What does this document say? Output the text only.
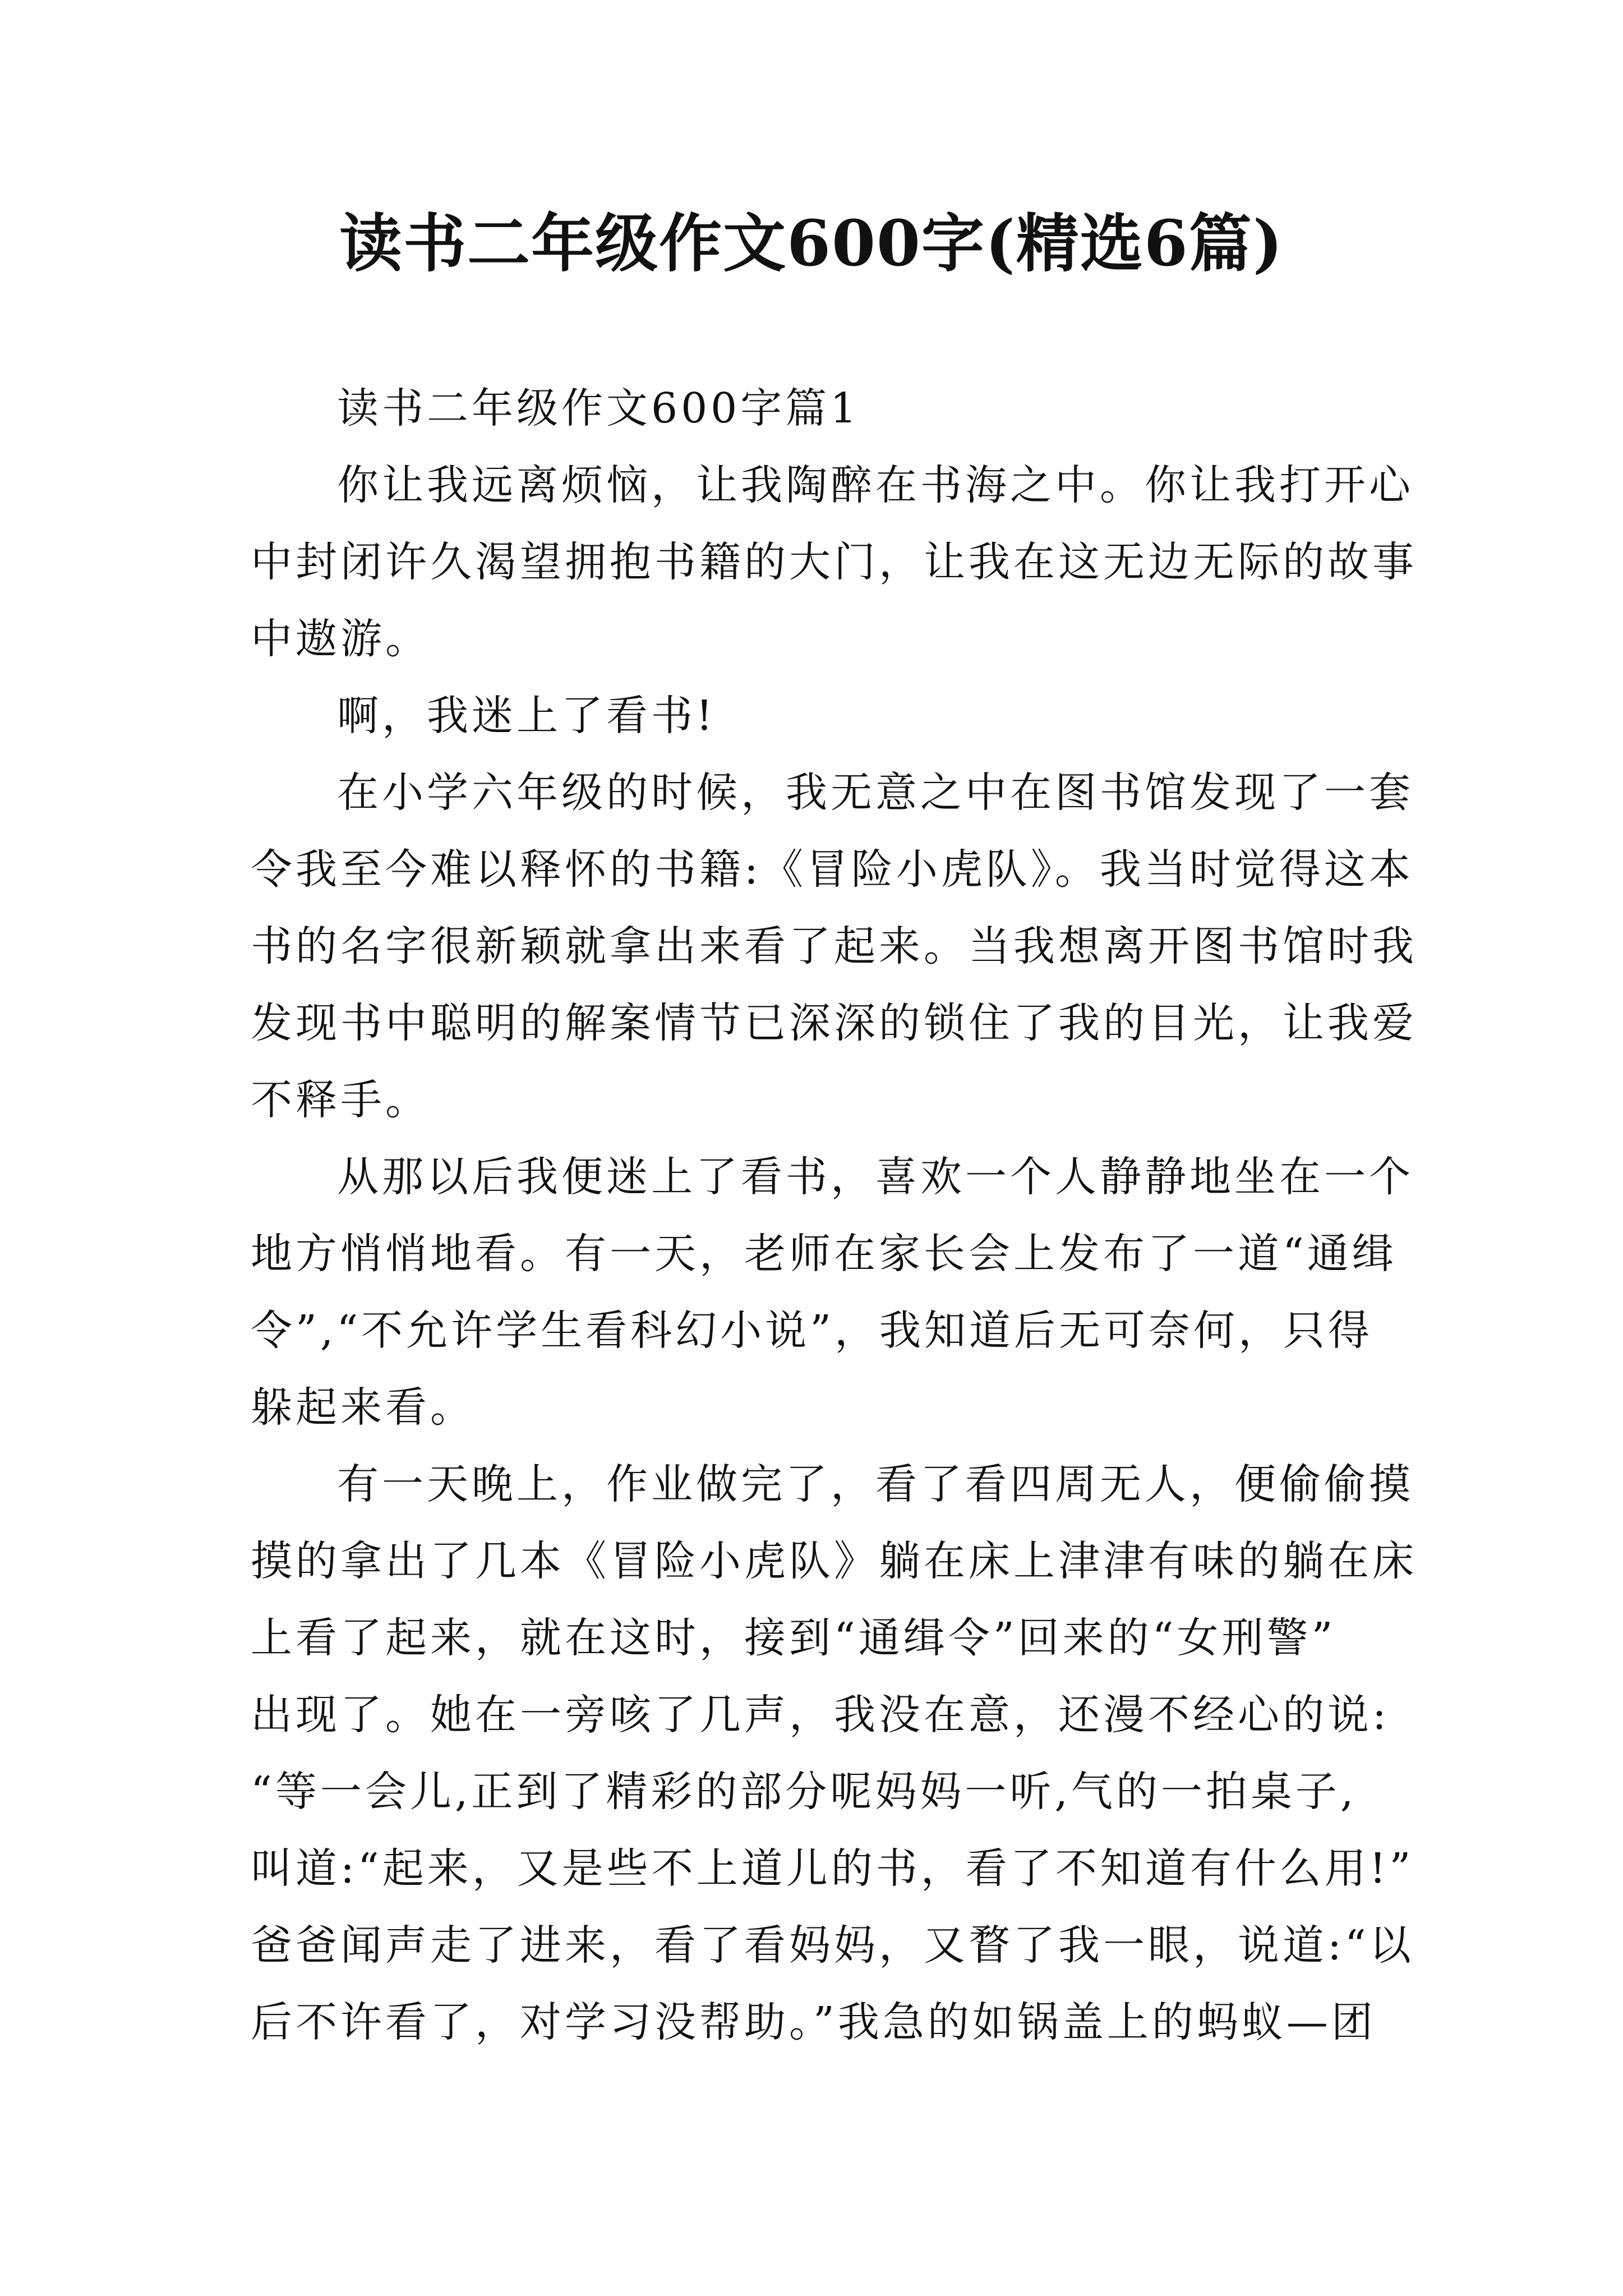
读书二年级作文600字(精选6篇)
读书二年级作文600字篇1
你让我远离烦恼，让我陶醉在书海之中。你让我打开心
中封闭许久渴望拥抱书籍的大门，让我在这无边无际的故事
中遨游。
啊，我迷上了看书!
在小学六年级的时候，我无意之中在图书馆发现了一套
令我至今难以释怀的书籍:《冒险小虎队》。我当时觉得这本
书的名字很新颖就拿出来看了起来。当我想离开图书馆时我
发现书中聪明的解案情节已深深的锁住了我的目光，让我爱
不释手。
从那以后我便迷上了看书，喜欢一个人静静地坐在一个
地方悄悄地看。有一天，老师在家长会上发布了一道“通缉
令”,“不允许学生看科幻小说”，我知道后无可奈何，只得
躲起来看。
有一天晚上，作业做完了，看了看四周无人，便偷偷摸
摸的拿出了几本《冒险小虎队》躺在床上津津有味的躺在床
上看了起来，就在这时，接到“通缉令”回来的“女刑警”
出现了。她在一旁咳了几声，我没在意，还漫不经心的说:
“等一会儿,正到了精彩的部分呢妈妈一听,气的一拍桌子,
叫道:“起来，又是些不上道儿的书，看了不知道有什么用!”
爸爸闻声走了进来，看了看妈妈，又瞀了我一眼，说道:“以
后不许看了，对学习没帮助。”我急的如锅盖上的蚂蚁—团
